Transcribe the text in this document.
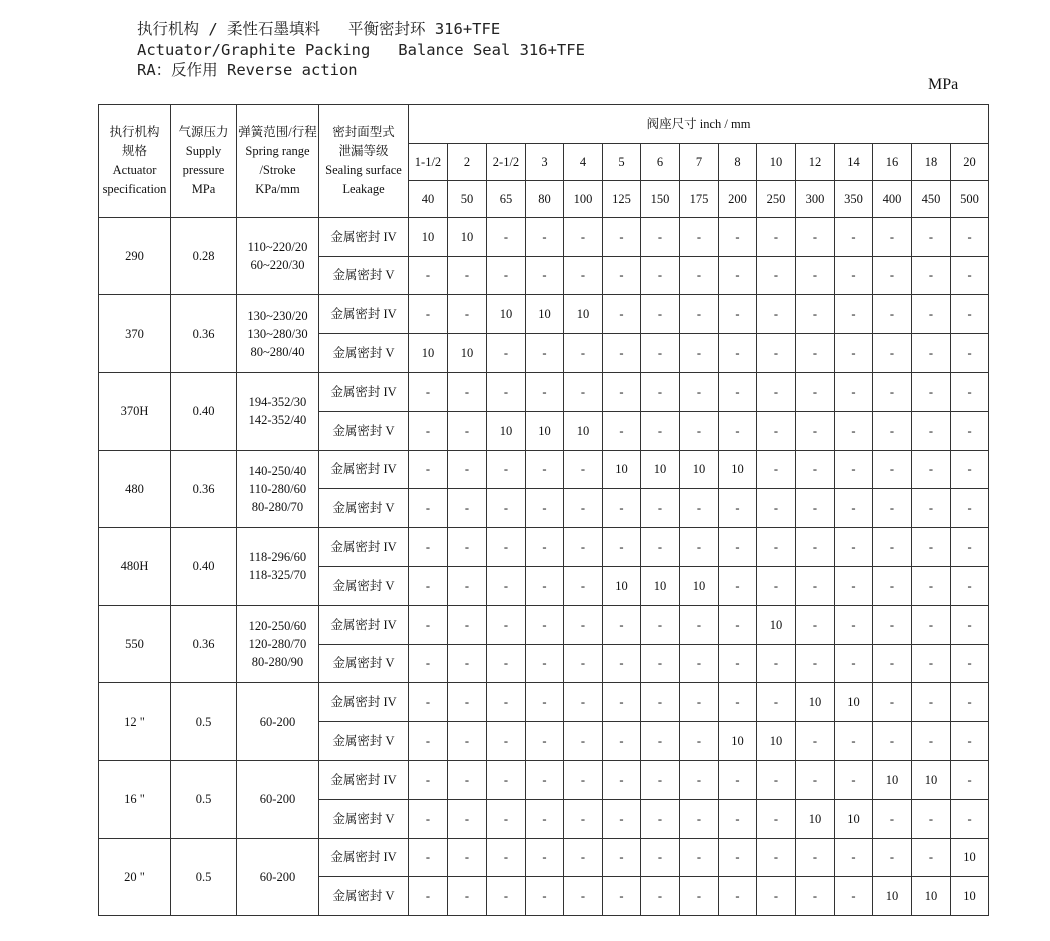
执行机构 / 柔性石墨填料   平衡密封环 316+TFE
Actuator/Graphite Packing   Balance Seal 316+TFE
RA：反作用 Reverse action
MPa
执行机构
规格
Actuator
specification	气源压力
Supply
pressure
MPa	弹簧范围/行程
Spring range
/Stroke
KPa/mm	密封面型式
泄漏等级
Sealing surface
Leakage	阀座尺寸 inch / mm														
				1-1/2	2	2-1/2	3	4	5	6	7	8	10	12	14	16	18	20
				40	50	65	80	100	125	150	175	200	250	300	350	400	450	500
290	0.28	110~220/20
60~220/30	金属密封 IV	10	10	-	-	-	-	-	-	-	-	-	-	-	-	-
			金属密封 V	-	-	-	-	-	-	-	-	-	-	-	-	-	-	-
370	0.36	130~230/20
130~280/30
80~280/40	金属密封 IV	-	-	10	10	10	-	-	-	-	-	-	-	-	-	-
			金属密封 V	10	10	-	-	-	-	-	-	-	-	-	-	-	-	-
370H	0.40	194-352/30
142-352/40	金属密封 IV	-	-	-	-	-	-	-	-	-	-	-	-	-	-	-
			金属密封 V	-	-	10	10	10	-	-	-	-	-	-	-	-	-	-
480	0.36	140-250/40
110-280/60
80-280/70	金属密封 IV	-	-	-	-	-	10	10	10	10	-	-	-	-	-	-
			金属密封 V	-	-	-	-	-	-	-	-	-	-	-	-	-	-	-
480H	0.40	118-296/60
118-325/70	金属密封 IV	-	-	-	-	-	-	-	-	-	-	-	-	-	-	-
			金属密封 V	-	-	-	-	-	10	10	10	-	-	-	-	-	-	-
550	0.36	120-250/60
120-280/70
80-280/90	金属密封 IV	-	-	-	-	-	-	-	-	-	10	-	-	-	-	-
			金属密封 V	-	-	-	-	-	-	-	-	-	-	-	-	-	-	-
12 "	0.5	60-200	金属密封 IV	-	-	-	-	-	-	-	-	-	-	10	10	-	-	-
			金属密封 V	-	-	-	-	-	-	-	-	10	10	-	-	-	-	-
16 "	0.5	60-200	金属密封 IV	-	-	-	-	-	-	-	-	-	-	-	-	10	10	-
			金属密封 V	-	-	-	-	-	-	-	-	-	-	10	10	-	-	-
20 "	0.5	60-200	金属密封 IV	-	-	-	-	-	-	-	-	-	-	-	-	-	-	10
			金属密封 V	-	-	-	-	-	-	-	-	-	-	-	-	10	10	10
